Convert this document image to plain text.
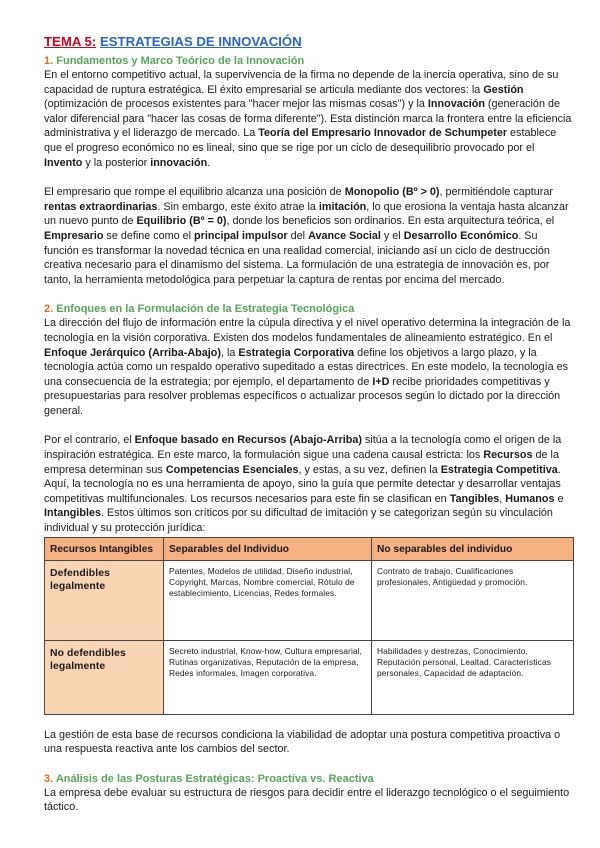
TEMA 5: ESTRATEGIAS DE INNOVACIÓN
1. Fundamentos y Marco Teórico de la Innovación

En el entorno competitivo actual, la supervivencia de la firma no depende de la inercia operativa, sino de su capacidad de ruptura estratégica. El éxito empresarial se articula mediante dos vectores: la Gestión (optimización de procesos existentes para "hacer mejor las mismas cosas") y la Innovación (generación de valor diferencial para "hacer las cosas de forma diferente"). Esta distinción marca la frontera entre la eficiencia administrativa y el liderazgo de mercado. La Teoría del Empresario Innovador de Schumpeter establece que el progreso económico no es lineal, sino que se rige por un ciclo de desequilibrio provocado por el Invento y la posterior innovación.

El empresario que rompe el equilibrio alcanza una posición de Monopolio (Bº > 0), permitiéndole capturar rentas extraordinarias. Sin embargo, este éxito atrae la imitación, lo que erosiona la ventaja hasta alcanzar un nuevo punto de Equilibrio (Bº = 0), donde los beneficios son ordinarios. En esta arquitectura teórica, el Empresario se define como el principal impulsor del Avance Social y el Desarrollo Económico. Su función es transformar la novedad técnica en una realidad comercial, iniciando así un ciclo de destrucción creativa necesario para el dinamismo del sistema. La formulación de una estrategia de innovación es, por tanto, la herramienta metodológica para perpetuar la captura de rentas por encima del mercado.

2. Enfoques en la Formulación de la Estrategia Tecnológica

La dirección del flujo de información entre la cúpula directiva y el nivel operativo determina la integración de la tecnología en la visión corporativa. Existen dos modelos fundamentales de alineamiento estratégico. En el Enfoque Jerárquico (Arriba-Abajo), la Estrategia Corporativa define los objetivos a largo plazo, y la tecnología actúa como un respaldo operativo supeditado a estas directrices. En este modelo, la tecnología es una consecuencia de la estrategia; por ejemplo, el departamento de I+D recibe prioridades competitivas y presupuestarias para resolver problemas específicos o actualizar procesos según lo dictado por la dirección general.

Por el contrario, el Enfoque basado en Recursos (Abajo-Arriba) sitúa a la tecnología como el origen de la inspiración estratégica. En este marco, la formulación sigue una cadena causal estricta: los Recursos de la empresa determinan sus Competencias Esenciales, y estas, a su vez, definen la Estrategia Competitiva. Aquí, la tecnología no es una herramienta de apoyo, sino la guía que permite detectar y desarrollar ventajas competitivas multifuncionales. Los recursos necesarios para este fin se clasifican en Tangibles, Humanos e Intangibles. Estos últimos son críticos por su dificultad de imitación y se categorizan según su vinculación individual y su protección jurídica:

Recursos Intangibles	Separables del Individuo	No separables del individuo
Defendibles legalmente	Patentes, Modelos de utilidad, Diseño industrial, Copyright, Marcas, Nombre comercial, Rótulo de establecimiento, Licencias, Redes formales.	Contrato de trabajo, Cualificaciones profesionales, Antigüedad y promoción.
No defendibles legalmente	Secreto industrial, Know-how, Cultura empresarial, Rutinas organizativas, Reputación de la empresa, Redes informales, Imagen corporativa.	Habilidades y destrezas, Conocimiento, Reputación personal, Lealtad, Características personales, Capacidad de adaptación.

La gestión de esta base de recursos condiciona la viabilidad de adoptar una postura competitiva proactiva o una respuesta reactiva ante los cambios del sector.

3. Análisis de las Posturas Estratégicas: Proactiva vs. Reactiva

La empresa debe evaluar su estructura de riesgos para decidir entre el liderazgo tecnológico o el seguimiento táctico.
